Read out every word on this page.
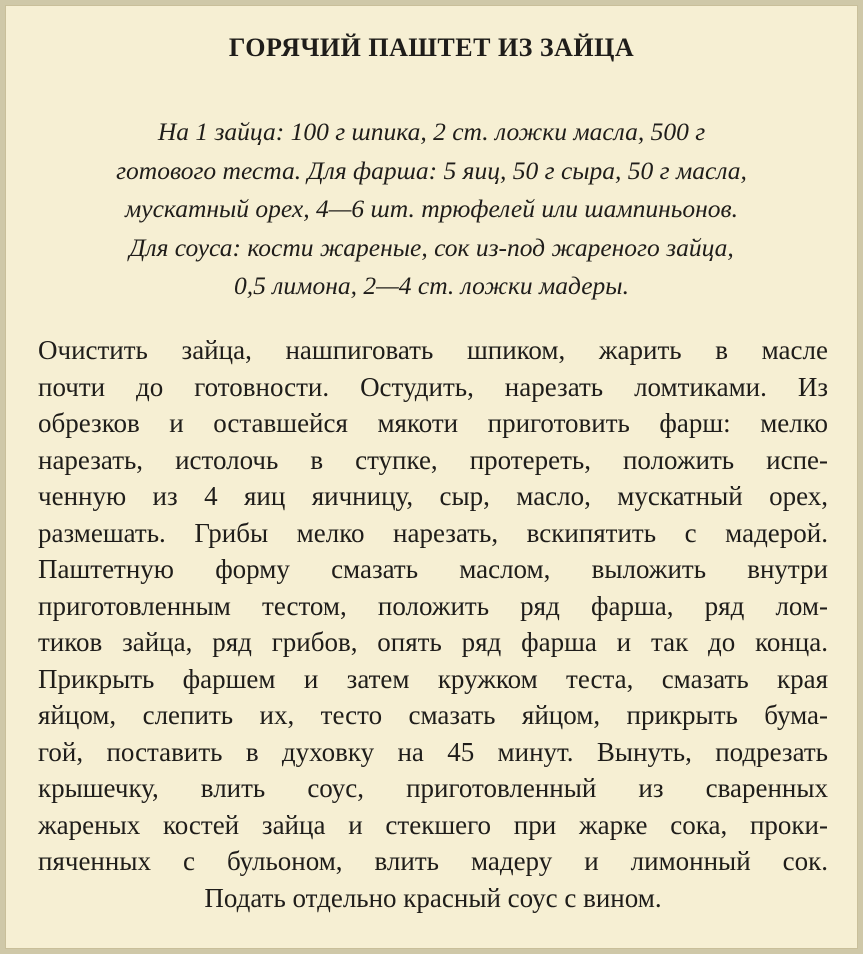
ГОРЯЧИЙ ПАШТЕТ ИЗ ЗАЙЦА
На 1 зайца: 100 г шпика, 2 ст. ложки масла, 500 г
готового теста. Для фарша: 5 яиц, 50 г сыра, 50 г масла,
мускатный орех, 4—6 шт. трюфелей или шампиньонов.
Для соуса: кости жареные, сок из-под жареного зайца,
0,5 лимона, 2—4 ст. ложки мадеры.
Очистить зайца, нашпиговать шпиком, жарить в масле
почти до готовности. Остудить, нарезать ломтиками. Из
обрезков и оставшейся мякоти приготовить фарш: мелко
нарезать, истолочь в ступке, протереть, положить испе-
ченную из 4 яиц яичницу, сыр, масло, мускатный орех,
размешать. Грибы мелко нарезать, вскипятить с мадерой.
Паштетную форму смазать маслом, выложить внутри
приготовленным тестом, положить ряд фарша, ряд лом-
тиков зайца, ряд грибов, опять ряд фарша и так до конца.
Прикрыть фаршем и затем кружком теста, смазать края
яйцом, слепить их, тесто смазать яйцом, прикрыть бума-
гой, поставить в духовку на 45 минут. Вынуть, подрезать
крышечку, влить соус, приготовленный из сваренных
жареных костей зайца и стекшего при жарке сока, проки-
пяченных с бульоном, влить мадеру и лимонный сок.
Подать отдельно красный соус с вином.
